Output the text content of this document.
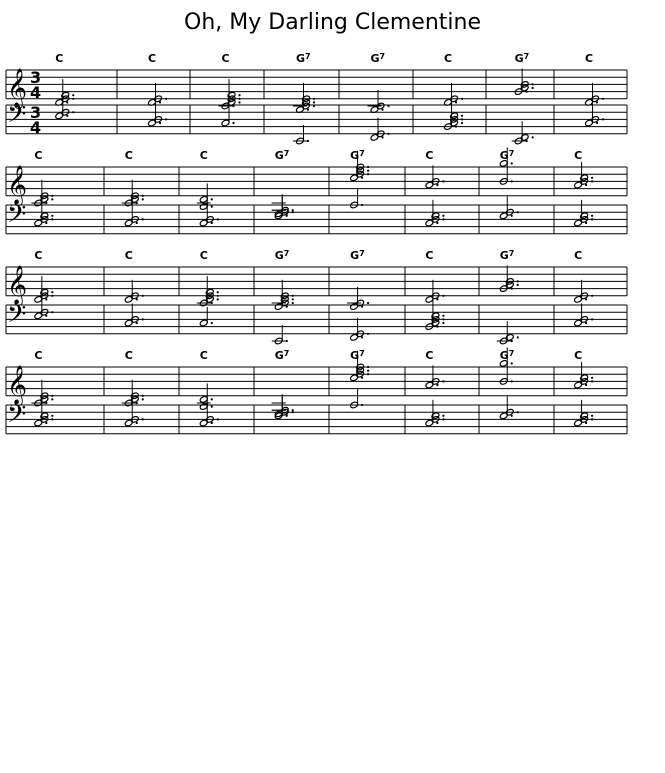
Oh, My Darling Clementine
𝄞
𝄢
3
4
3
4
C	C	C	$G^7$	$G^7$	C	$G^7$	C
𝄞
𝄢
C	C	C	$G^7$	$G^7$	C	$G^7$	C
𝄞
𝄢
C	C	C	$G^7$	$G^7$	C	$G^7$	C
𝄞
𝄢
C	C	C	$G^7$	$G^7$	C	$G^7$	C
